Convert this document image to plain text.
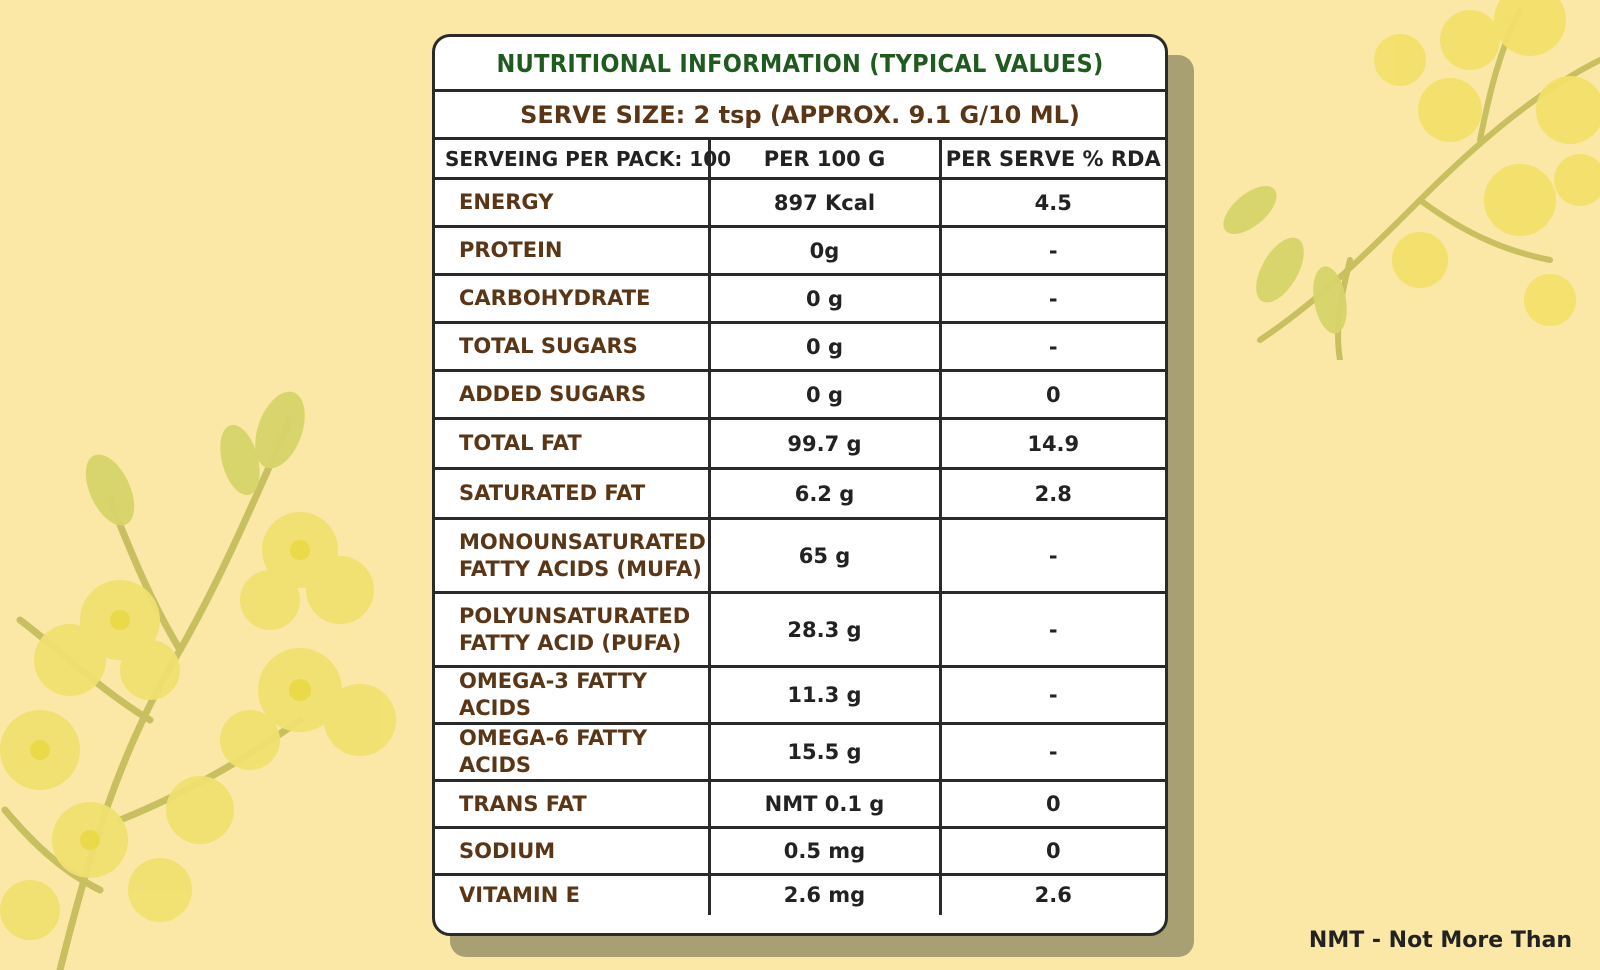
NUTRITIONAL INFORMATION (TYPICAL VALUES)
SERVE SIZE: 2 tsp (APPROX. 9.1 G/10 ML)
SERVEING PER PACK: 100	PER 100 G	PER SERVE % RDA
ENERGY	897 Kcal	4.5
PROTEIN	0g	-
CARBOHYDRATE	0 g	-
TOTAL SUGARS	0 g	-
ADDED SUGARS	0 g	0
TOTAL FAT	99.7 g	14.9
SATURATED FAT	6.2 g	2.8
MONOUNSATURATED
FATTY ACIDS (MUFA)	65 g	-
POLYUNSATURATED
FATTY ACID (PUFA)	28.3 g	-
OMEGA-3 FATTY ACIDS	11.3 g	-
OMEGA-6 FATTY ACIDS	15.5 g	-
TRANS FAT	NMT 0.1 g	0
SODIUM	0.5 mg	0
VITAMIN E	2.6 mg	2.6
NMT - Not More Than
